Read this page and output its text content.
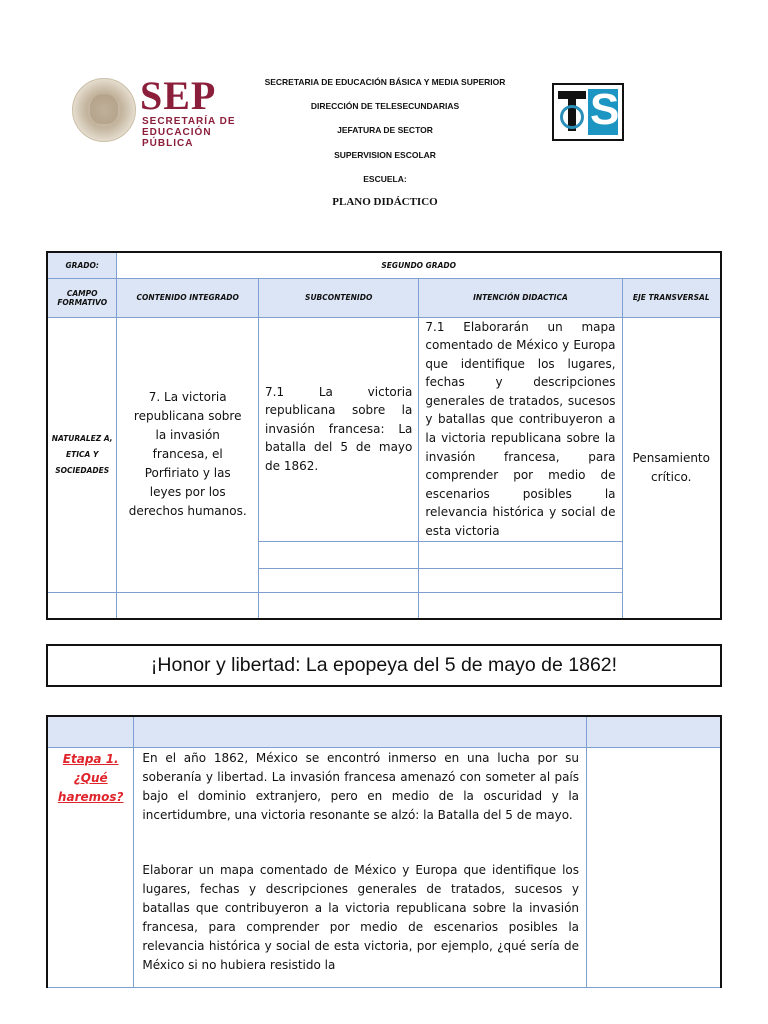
SEP
SECRETARÍA DE
EDUCACIÓN PÚBLICA
SECRETARIA DE EDUCACIÓN BÁSICA Y MEDIA SUPERIOR
DIRECCIÓN DE TELESECUNDARIAS
JEFATURA DE SECTOR
SUPERVISION ESCOLAR
ESCUELA:
PLANO DIDÁCTICO
S
GRADO:	SEGUNDO GRADO			
CAMPO FORMATIVO	CONTENIDO INTEGRADO	SUBCONTENIDO	INTENCIÓN DIDACTICA	EJE TRANSVERSAL
NATURALEZ A, ETICA Y SOCIEDADES	7. La victoria republicana sobre la invasión francesa, el Porfiriato y las leyes por los derechos humanos.	7.1 La victoria republicana sobre la invasión francesa: La batalla del 5 de mayo de 1862.	7.1 Elaborarán un mapa comentado de México y Europa que identifique los lugares, fechas y descripciones generales de tratados, sucesos y batallas que contribuyeron a la victoria republicana sobre la invasión francesa, para comprender por medio de escenarios posibles la relevancia histórica y social de esta victoria	Pensamiento crítico.

¡Honor y libertad: La epopeya del 5 de mayo de 1862!

Etapa 1. ¿Qué haremos?	En el año 1862, México se encontró inmerso en una lucha por su soberanía y libertad. La invasión francesa amenazó con someter al país bajo el dominio extranjero, pero en medio de la oscuridad y la incertidumbre, una victoria resonante se alzó: la Batalla del 5 de mayo.
Elaborar un mapa comentado de México y Europa que identifique los lugares, fechas y descripciones generales de tratados, sucesos y batallas que contribuyeron a la victoria republicana sobre la invasión francesa, para comprender por medio de escenarios posibles la relevancia histórica y social de esta victoria, por ejemplo, ¿qué sería de México si no hubiera resistido la	
